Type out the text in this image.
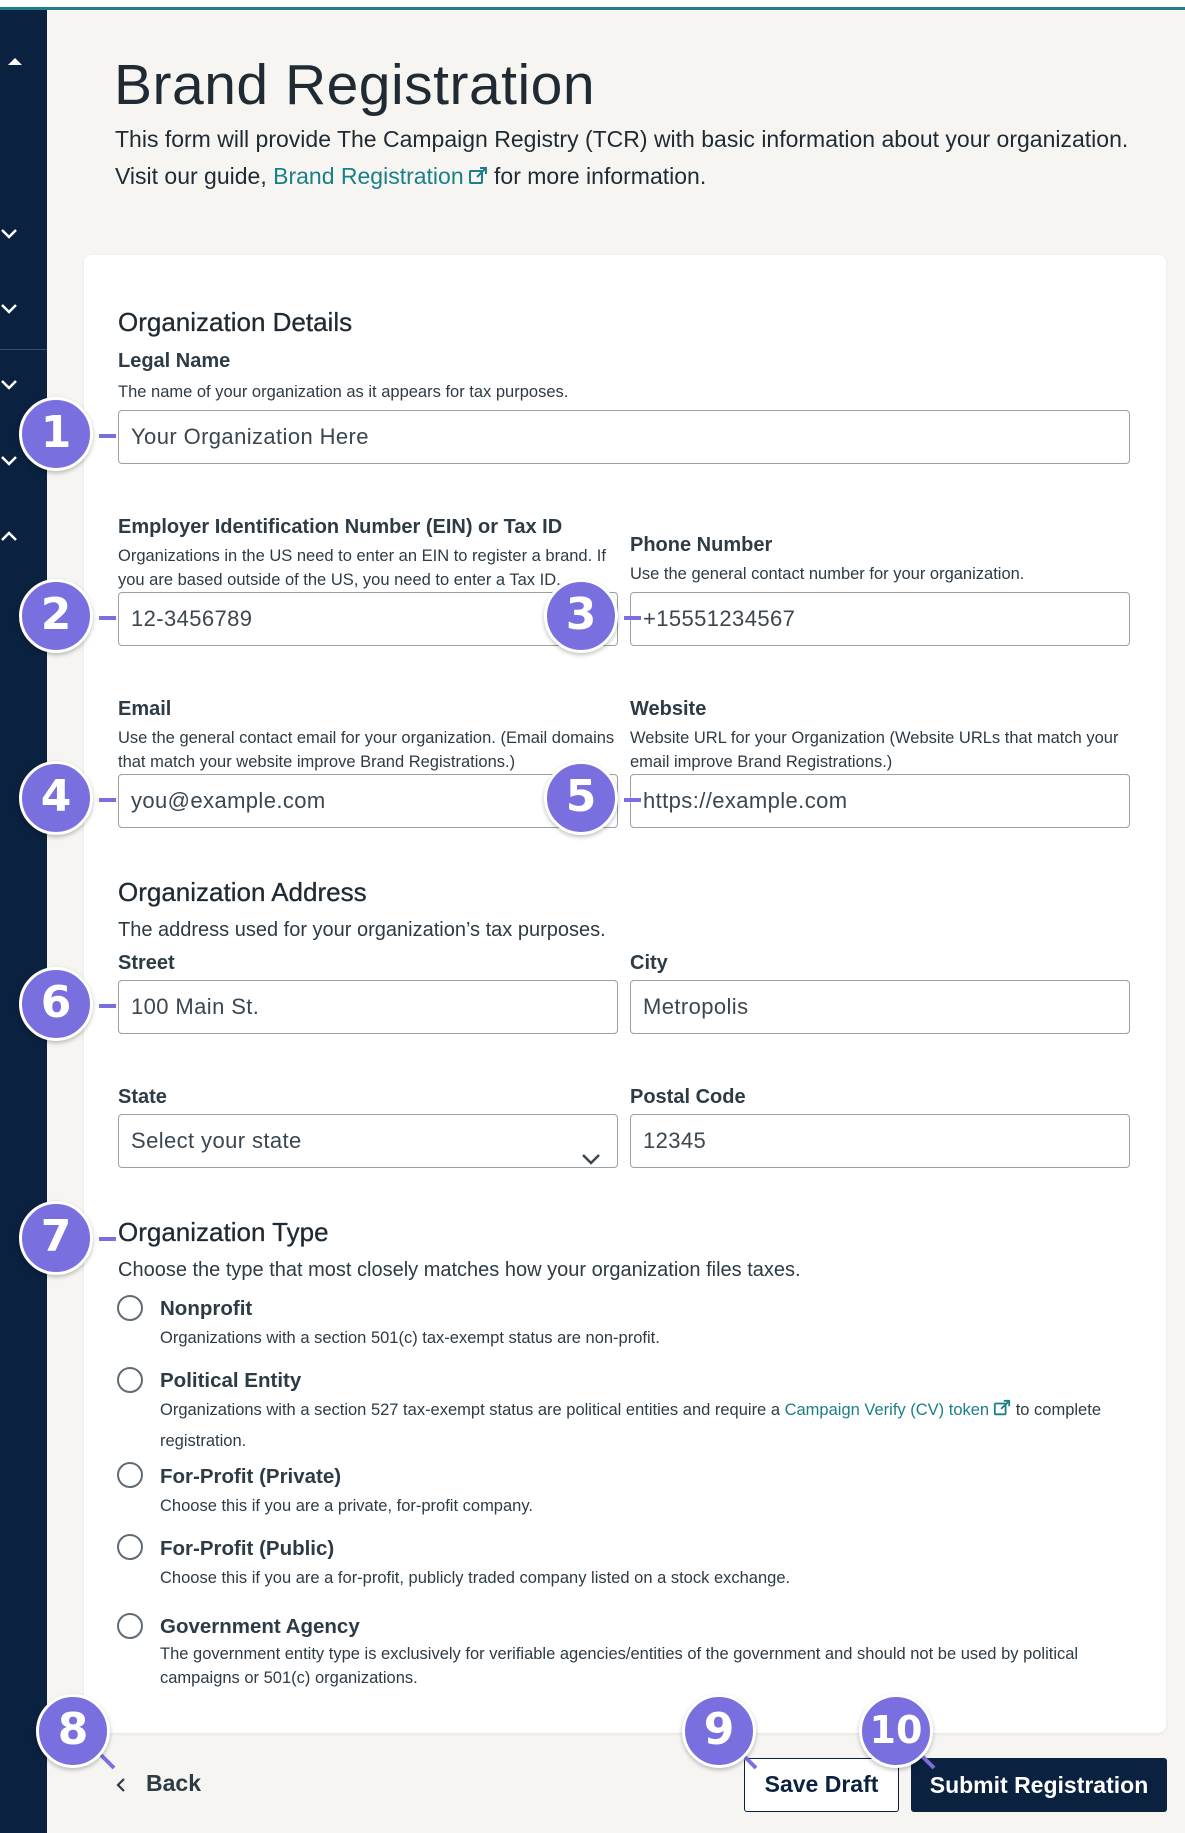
Brand Registration

This form will provide The Campaign Registry (TCR) with basic information about your organization. Visit our guide, Brand Registration for more information.

Organization Details
Legal Name
The name of your organization as it appears for tax purposes.
Your Organization Here
Employer Identification Number (EIN) or Tax ID
Organizations in the US need to enter an EIN to register a brand. If you are based outside of the US, you need to enter a Tax ID.
12-3456789
Phone Number
Use the general contact number for your organization.
+15551234567
Email
Use the general contact email for your organization. (Email domains that match your website improve Brand Registrations.)
you@example.com
Website
Website URL for your Organization (Website URLs that match your email improve Brand Registrations.)
https://example.com
Organization Address
The address used for your organization’s tax purposes.
Street
100 Main St.
City
Metropolis
State
Select your state
Postal Code
12345
Organization Type
Choose the type that most closely matches how your organization files taxes.
Nonprofit
Organizations with a section 501(c) tax-exempt status are non-profit.
Political Entity
Organizations with a section 527 tax-exempt status are political entities and require a Campaign Verify (CV) token to complete registration.
For-Profit (Private)
Choose this if you are a private, for-profit company.
For-Profit (Public)
Choose this if you are a for-profit, publicly traded company listed on a stock exchange.
Government Agency
The government entity type is exclusively for verifiable agencies/entities of the government and should not be used by political campaigns or 501(c) organizations.
Back	Save Draft	Submit Registration
1
2	3
4	5
6
7
8	9	10
